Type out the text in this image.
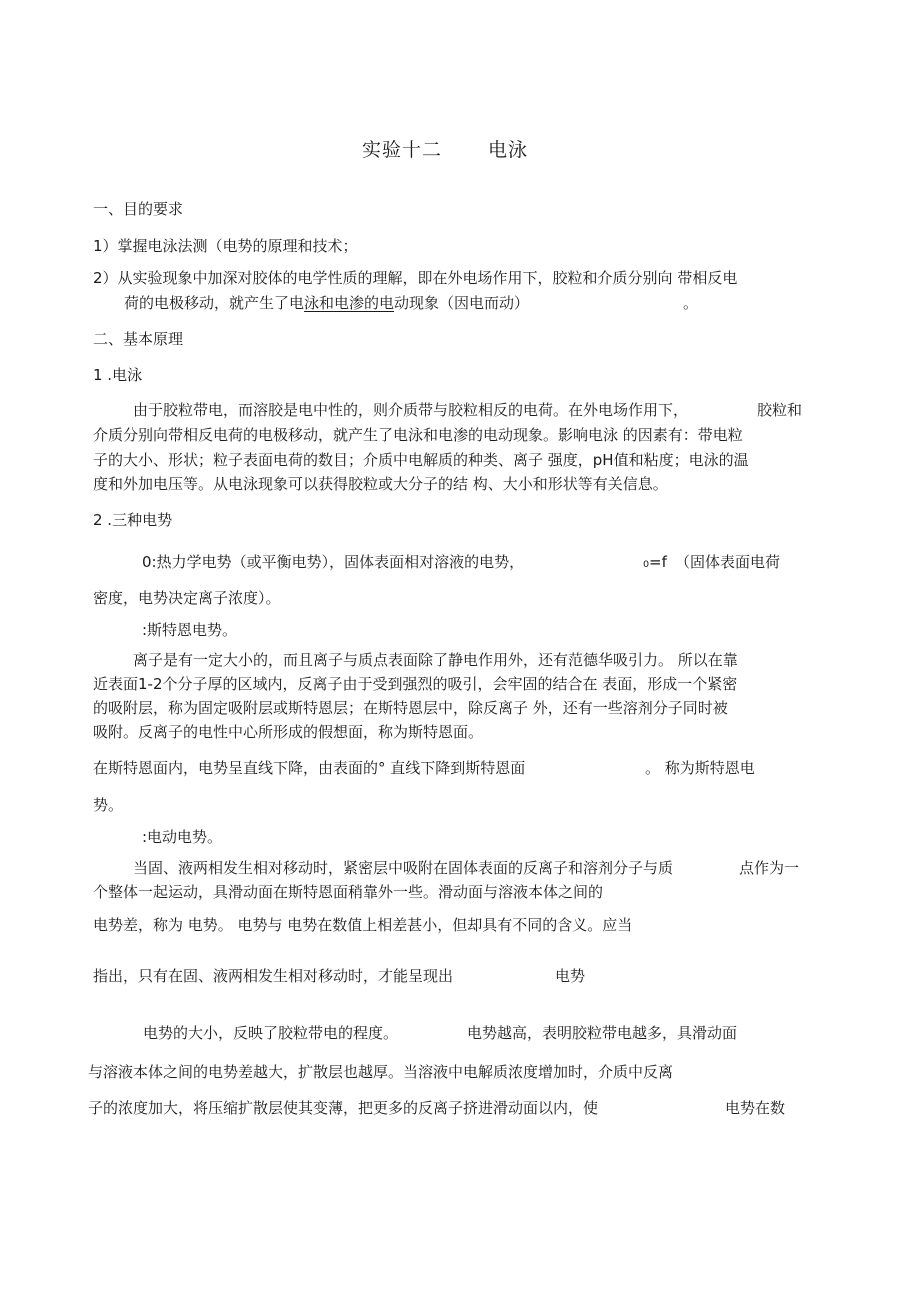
实验十二 电泳
一、目的要求
1）掌握电泳法测（电势的原理和技术；
2）从实验现象中加深对胶体的电学性质的理解，即在外电场作用下，胶粒和介质分别向 带相反电
荷的电极移动，就产生了电泳和电渗的电动现象（因电而动）	。
二、基本原理
1 .电泳
由于胶粒带电，而溶胶是电中性的，则介质带与胶粒相反的电荷。在外电场作用下，	胶粒和
介质分别向带相反电荷的电极移动，就产生了电泳和电渗的电动现象。影响电泳 的因素有：带电粒
子的大小、形状；粒子表面电荷的数目；介质中电解质的种类、离子 强度，pH值和粘度；电泳的温
度和外加电压等。从电泳现象可以获得胶粒或大分子的结 构、大小和形状等有关信息。
2 .三种电势
0:热力学电势（或平衡电势），固体表面相对溶液的电势，	₀=f （固体表面电荷
密度，电势决定离子浓度）。
:斯特恩电势。
离子是有一定大小的，而且离子与质点表面除了静电作用外，还有范德华吸引力。 所以在靠
近表面1-2个分子厚的区域内，反离子由于受到强烈的吸引，会牢固的结合在 表面，形成一个紧密
的吸附层，称为固定吸附层或斯特恩层；在斯特恩层中，除反离子 外，还有一些溶剂分子同时被
吸附。反离子的电性中心所形成的假想面，称为斯特恩面。
在斯特恩面内，电势呈直线下降，由表面的° 直线下降到斯特恩面	。 称为斯特恩电
势。
:电动电势。
当固、液两相发生相对移动时，紧密层中吸附在固体表面的反离子和溶剂分子与质	点作为一
个整体一起运动，具滑动面在斯特恩面稍靠外一些。滑动面与溶液本体之间的
电势差，称为 电势。 电势与 电势在数值上相差甚小，但却具有不同的含义。应当
指出，只有在固、液两相发生相对移动时，才能呈现出	电势
电势的大小，反映了胶粒带电的程度。	电势越高，表明胶粒带电越多，具滑动面
与溶液本体之间的电势差越大，扩散层也越厚。当溶液中电解质浓度增加时，介质中反离
子的浓度加大，将压缩扩散层使其变薄，把更多的反离子挤进滑动面以内，使	电势在数
